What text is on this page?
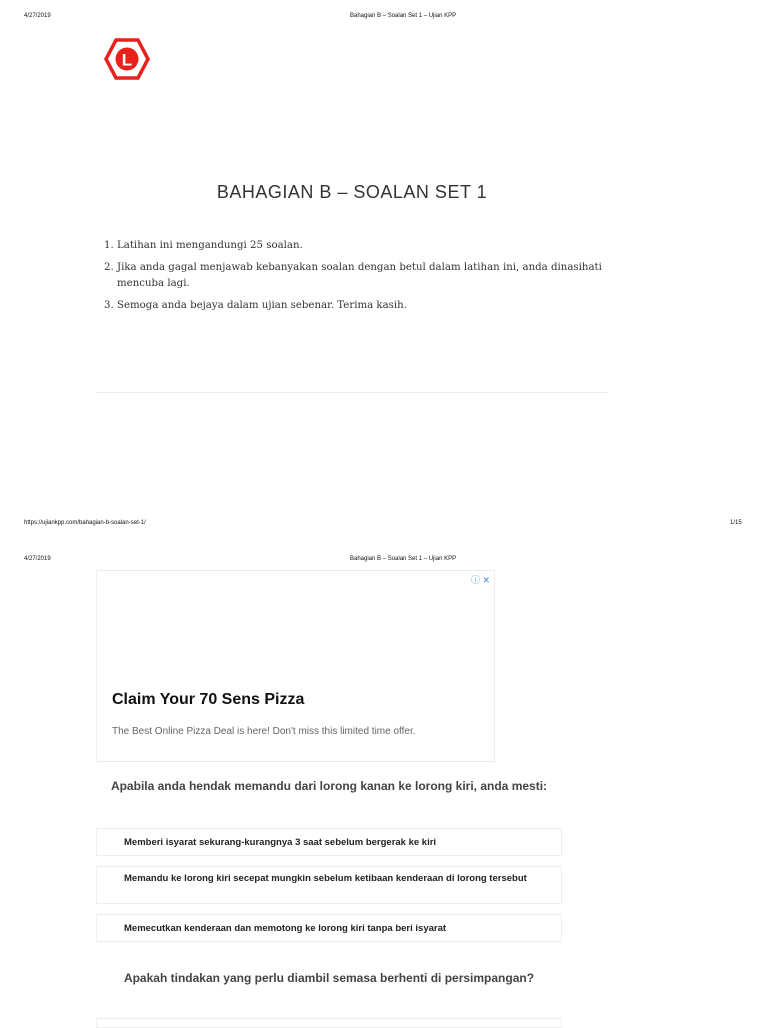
4/27/2019	Bahagian B – Soalan Set 1 – Ujian KPP
L
BAHAGIAN B – SOALAN SET 1
1. Latihan ini mengandungi 25 soalan.
2. Jika anda gagal menjawab kebanyakan soalan dengan betul dalam latihan ini, anda dinasihati mencuba lagi.
3. Semoga anda bejaya dalam ujian sebenar. Terima kasih.
https://ujiankpp.com/bahagian-b-soalan-set-1/	1/15
4/27/2019	Bahagian B – Soalan Set 1 – Ujian KPP
ⓘ ✕
Claim Your 70 Sens Pizza
The Best Online Pizza Deal is here! Don't miss this limited time offer.

Apabila anda hendak memandu dari lorong kanan ke lorong kiri, anda mesti:

Memberi isyarat sekurang-kurangnya 3 saat sebelum bergerak ke kiri
Memandu ke lorong kiri secepat mungkin sebelum ketibaan kenderaan di lorong tersebut
Memecutkan kenderaan dan memotong ke lorong kiri tanpa beri isyarat

Apakah tindakan yang perlu diambil semasa berhenti di persimpangan?
